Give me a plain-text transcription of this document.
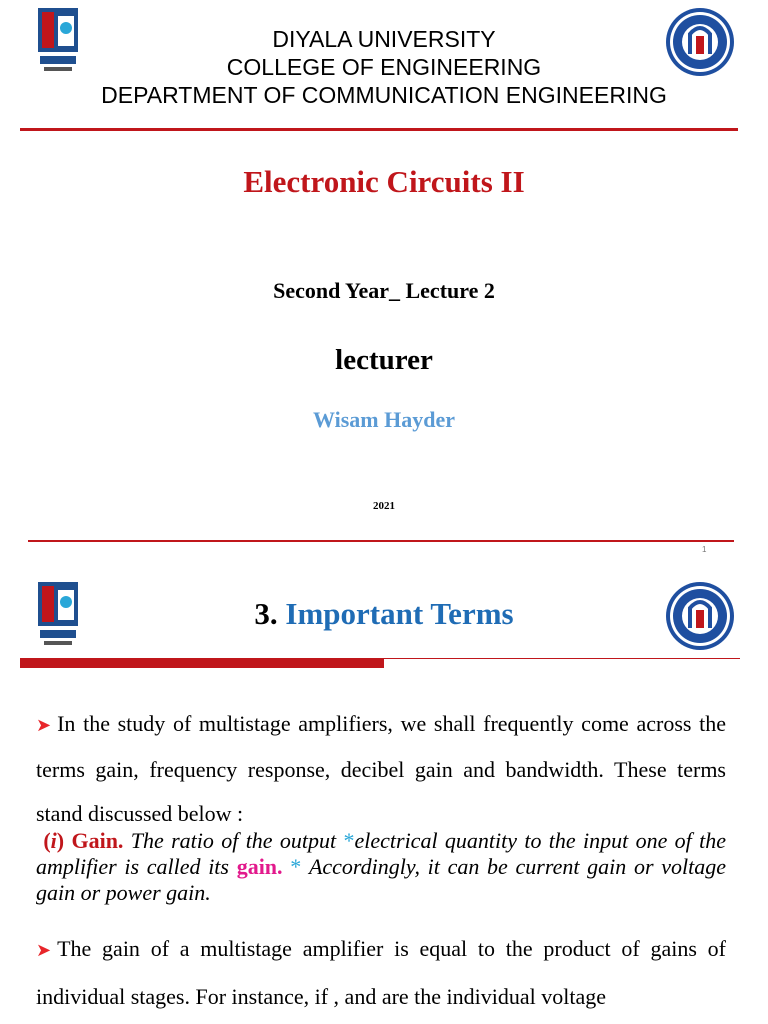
DIYALA UNIVERSITY
COLLEGE OF ENGINEERING
DEPARTMENT OF COMMUNICATION ENGINEERING
Electronic Circuits II
Second Year_ Lecture 2
lecturer
Wisam Hayder
2021
1
3. Important Terms
➤ In the study of multistage amplifiers, we shall frequently come across the terms gain, frequency response, decibel gain and bandwidth. These terms stand discussed below :
(i) Gain. The ratio of the output *electrical quantity to the input one of the amplifier is called its gain. * Accordingly, it can be current gain or voltage gain or power gain.
➤ The gain of a multistage amplifier is equal to the product of gains of individual stages. For instance, if , and are the individual voltage
